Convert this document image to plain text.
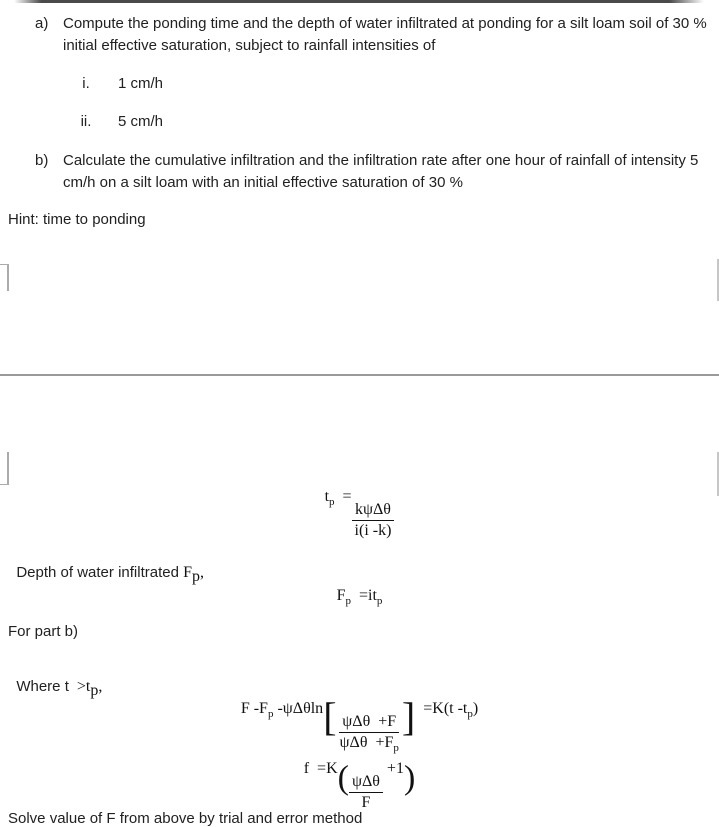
a) Compute the ponding time and the depth of water infiltrated at ponding for a silt loam soil of 30 % initial effective saturation, subject to rainfall intensities of
i.	1 cm/h
ii.	5 cm/h
b) Calculate the cumulative infiltration and the infiltration rate after one hour of rainfall of intensity 5 cm/h on a silt loam with an initial effective saturation of 30 %
Hint: time to ponding
$t_p$  =
$\frac{\text{kψΔθ}}{i(i -k)}$

Depth of water infiltrated Fp,

$F_p =it_p$
For part b)

Where t  >tp,

F $-F_p$ $-\psi\Delta\theta\ln[ \frac{\text{ψΔθ  +F}}{\psi\Delta\theta +F_p}$ ]  =K(t $-t_p$)
$f =K( \frac{\text{ψΔθ}}{F}$
+1)
Solve value of F from above by trial and error method
